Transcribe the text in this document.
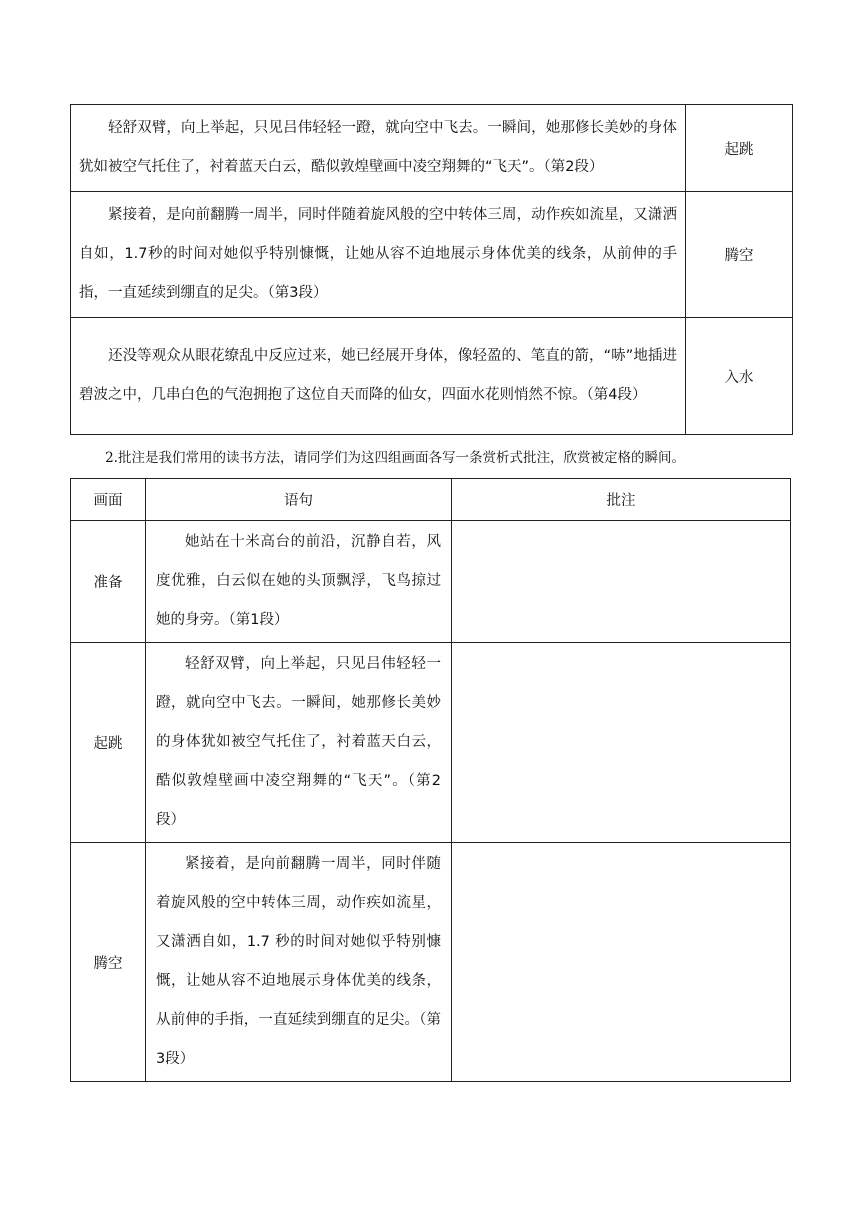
轻舒双臂，向上举起，只见吕伟轻轻一蹬，就向空中飞去。一瞬间，她那修长美妙的身体犹如被空气托住了，衬着蓝天白云，酷似敦煌壁画中凌空翔舞的“飞天”。（第2段）	起跳

紧接着，是向前翻腾一周半，同时伴随着旋风般的空中转体三周，动作疾如流星，又潇洒自如，1.7秒的时间对她似乎特别慷慨，让她从容不迫地展示身体优美的线条，从前伸的手指，一直延续到绷直的足尖。（第3段）	腾空

还没等观众从眼花缭乱中反应过来，她已经展开身体，像轻盈的、笔直的箭，“哧”地插进碧波之中，几串白色的气泡拥抱了这位自天而降的仙女，四面水花则悄然不惊。（第4段）	入水
2.批注是我们常用的读书方法，请同学们为这四组画面各写一条赏析式批注，欣赏被定格的瞬间。
画面	语句	批注
准备	她站在十米高台的前沿，沉静自若，风度优雅，白云似在她的头顶飘浮，飞鸟掠过她的身旁。（第1段）	

起跳	轻舒双臂，向上举起，只见吕伟轻轻一蹬，就向空中飞去。一瞬间，她那修长美妙的身体犹如被空气托住了，衬着蓝天白云，酷似敦煌壁画中凌空翔舞的“飞天”。（第2段）	

腾空	紧接着，是向前翻腾一周半，同时伴随着旋风般的空中转体三周，动作疾如流星，又潇洒自如，1.7 秒的时间对她似乎特别慷慨，让她从容不迫地展示身体优美的线条，从前伸的手指，一直延续到绷直的足尖。（第3段）	
